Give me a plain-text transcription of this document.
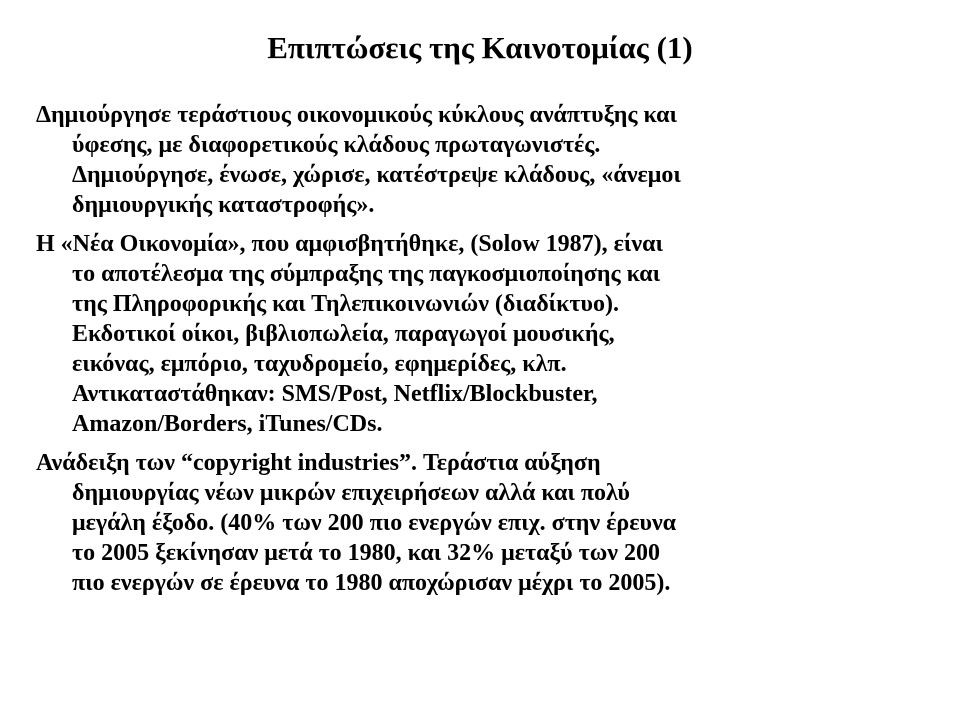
Επιπτώσεις της Καινοτομίας (1)
Δημιούργησε τεράστιους οικονομικούς κύκλους ανάπτυξης και
ύφεσης, με διαφορετικούς κλάδους πρωταγωνιστές.
Δημιούργησε, ένωσε, χώρισε, κατέστρεψε κλάδους, «άνεμοι
δημιουργικής καταστροφής».
Η «Νέα Οικονομία», που αμφισβητήθηκε, (Solow 1987), είναι
το αποτέλεσμα της σύμπραξης της παγκοσμιοποίησης και
της Πληροφορικής και Τηλεπικοινωνιών (διαδίκτυο).
Εκδοτικοί οίκοι, βιβλιοπωλεία, παραγωγοί μουσικής,
εικόνας, εμπόριο, ταχυδρομείο, εφημερίδες, κλπ.
Αντικαταστάθηκαν: SMS/Post, Netflix/Blockbuster,
Amazon/Borders, iTunes/CDs.
Ανάδειξη των “copyright industries”. Τεράστια αύξηση
δημιουργίας νέων μικρών επιχειρήσεων αλλά και πολύ
μεγάλη έξοδο. (40% των 200 πιο ενεργών επιχ. στην έρευνα
το 2005 ξεκίνησαν μετά το 1980, και 32% μεταξύ των 200
πιο ενεργών σε έρευνα το 1980 αποχώρισαν μέχρι το 2005).
